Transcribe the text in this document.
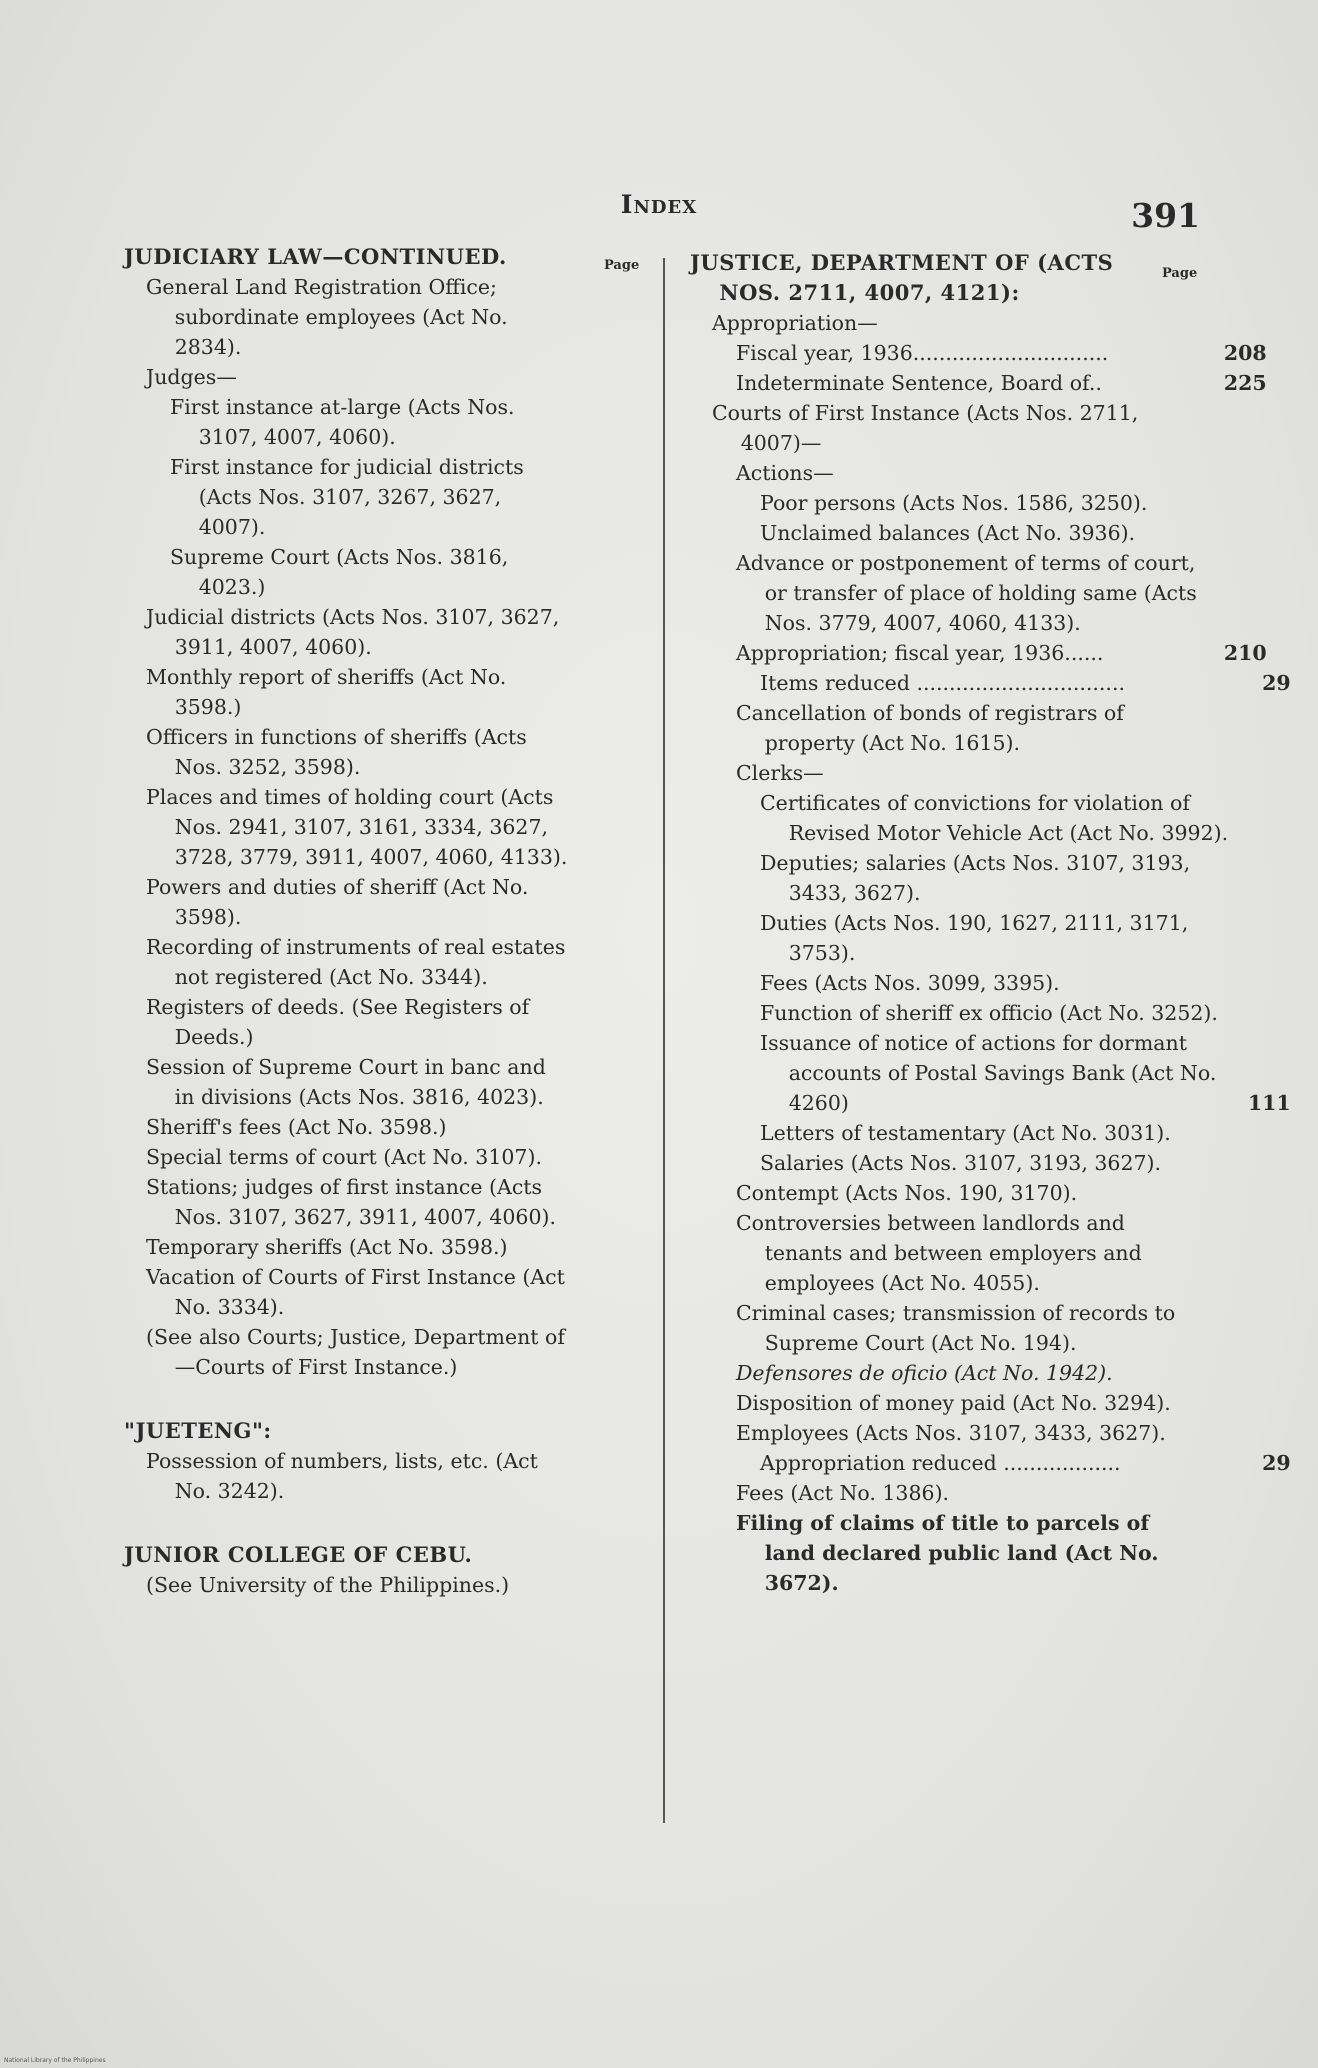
Index	391
Page
Page
JUDICIARY LAW—CONTINUED.
General Land Registration Office; subordinate employees (Act No. 2834).
Judges—
First instance at-large (Acts Nos. 3107, 4007, 4060).
First instance for judicial districts (Acts Nos. 3107, 3267, 3627, 4007).
Supreme Court (Acts Nos. 3816, 4023.)
Judicial districts (Acts Nos. 3107, 3627, 3911, 4007, 4060).
Monthly report of sheriffs (Act No. 3598.)
Officers in functions of sheriffs (Acts Nos. 3252, 3598).
Places and times of holding court (Acts Nos. 2941, 3107, 3161, 3334, 3627, 3728, 3779, 3911, 4007, 4060, 4133).
Powers and duties of sheriff (Act No. 3598).
Recording of instruments of real estates not registered (Act No. 3344).
Registers of deeds. (See Registers of Deeds.)
Session of Supreme Court in banc and in divisions (Acts Nos. 3816, 4023).
Sheriff's fees (Act No. 3598.)
Special terms of court (Act No. 3107).
Stations; judges of first instance (Acts Nos. 3107, 3627, 3911, 4007, 4060).
Temporary sheriffs (Act No. 3598.)
Vacation of Courts of First Instance (Act No. 3334).
(See also Courts; Justice, Department of—Courts of First Instance.)
"JUETENG":
Possession of numbers, lists, etc. (Act No. 3242).
JUNIOR COLLEGE OF CEBU.
(See University of the Philippines.)
JUSTICE, DEPARTMENT OF (ACTS NOS. 2711, 4007, 4121):
Appropriation—
Fiscal year, 1936..............................	208
Indeterminate Sentence, Board of..	225
Courts of First Instance (Acts Nos. 2711, 4007)—
Actions—
Poor persons (Acts Nos. 1586, 3250).
Unclaimed balances (Act No. 3936).
Advance or postponement of terms of court, or transfer of place of holding same (Acts Nos. 3779, 4007, 4060, 4133).
Appropriation; fiscal year, 1936......	210
Items reduced ................................	29
Cancellation of bonds of registrars of property (Act No. 1615).
Clerks—
Certificates of convictions for violation of Revised Motor Vehicle Act (Act No. 3992).
Deputies; salaries (Acts Nos. 3107, 3193, 3433, 3627).
Duties (Acts Nos. 190, 1627, 2111, 3171, 3753).
Fees (Acts Nos. 3099, 3395).
Function of sheriff ex officio (Act No. 3252).
Issuance of notice of actions for dormant accounts of Postal Savings Bank (Act No. 4260)	111
Letters of testamentary (Act No. 3031).
Salaries (Acts Nos. 3107, 3193, 3627).
Contempt (Acts Nos. 190, 3170).
Controversies between landlords and tenants and between employers and employees (Act No. 4055).
Criminal cases; transmission of records to Supreme Court (Act No. 194).
Defensores de oficio (Act No. 1942).
Disposition of money paid (Act No. 3294).
Employees (Acts Nos. 3107, 3433, 3627).
Appropriation reduced ..................	29
Fees (Act No. 1386).
Filing of claims of title to parcels of land declared public land (Act No. 3672).
National Library of the Philippines
